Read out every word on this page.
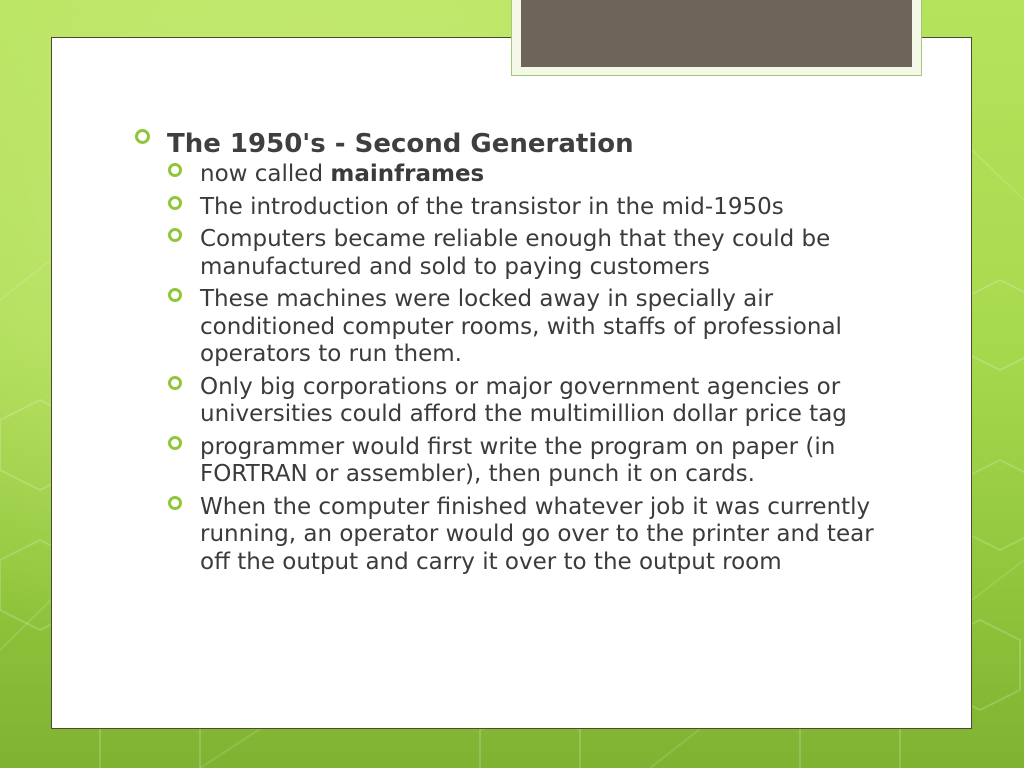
The 1950's - Second Generation
now called mainframes
The introduction of the transistor in the mid-1950s
Computers became reliable enough that they could be manufactured and sold to paying customers
These machines were locked away in specially air conditioned computer rooms, with staffs of professional operators to run them.
Only big corporations or major government agencies or universities could afford the multimillion dollar price tag
programmer would first write the program on paper (in FORTRAN or assembler), then punch it on cards.
When the computer finished whatever job it was currently running, an operator would go over to the printer and tear off the output and carry it over to the output room
